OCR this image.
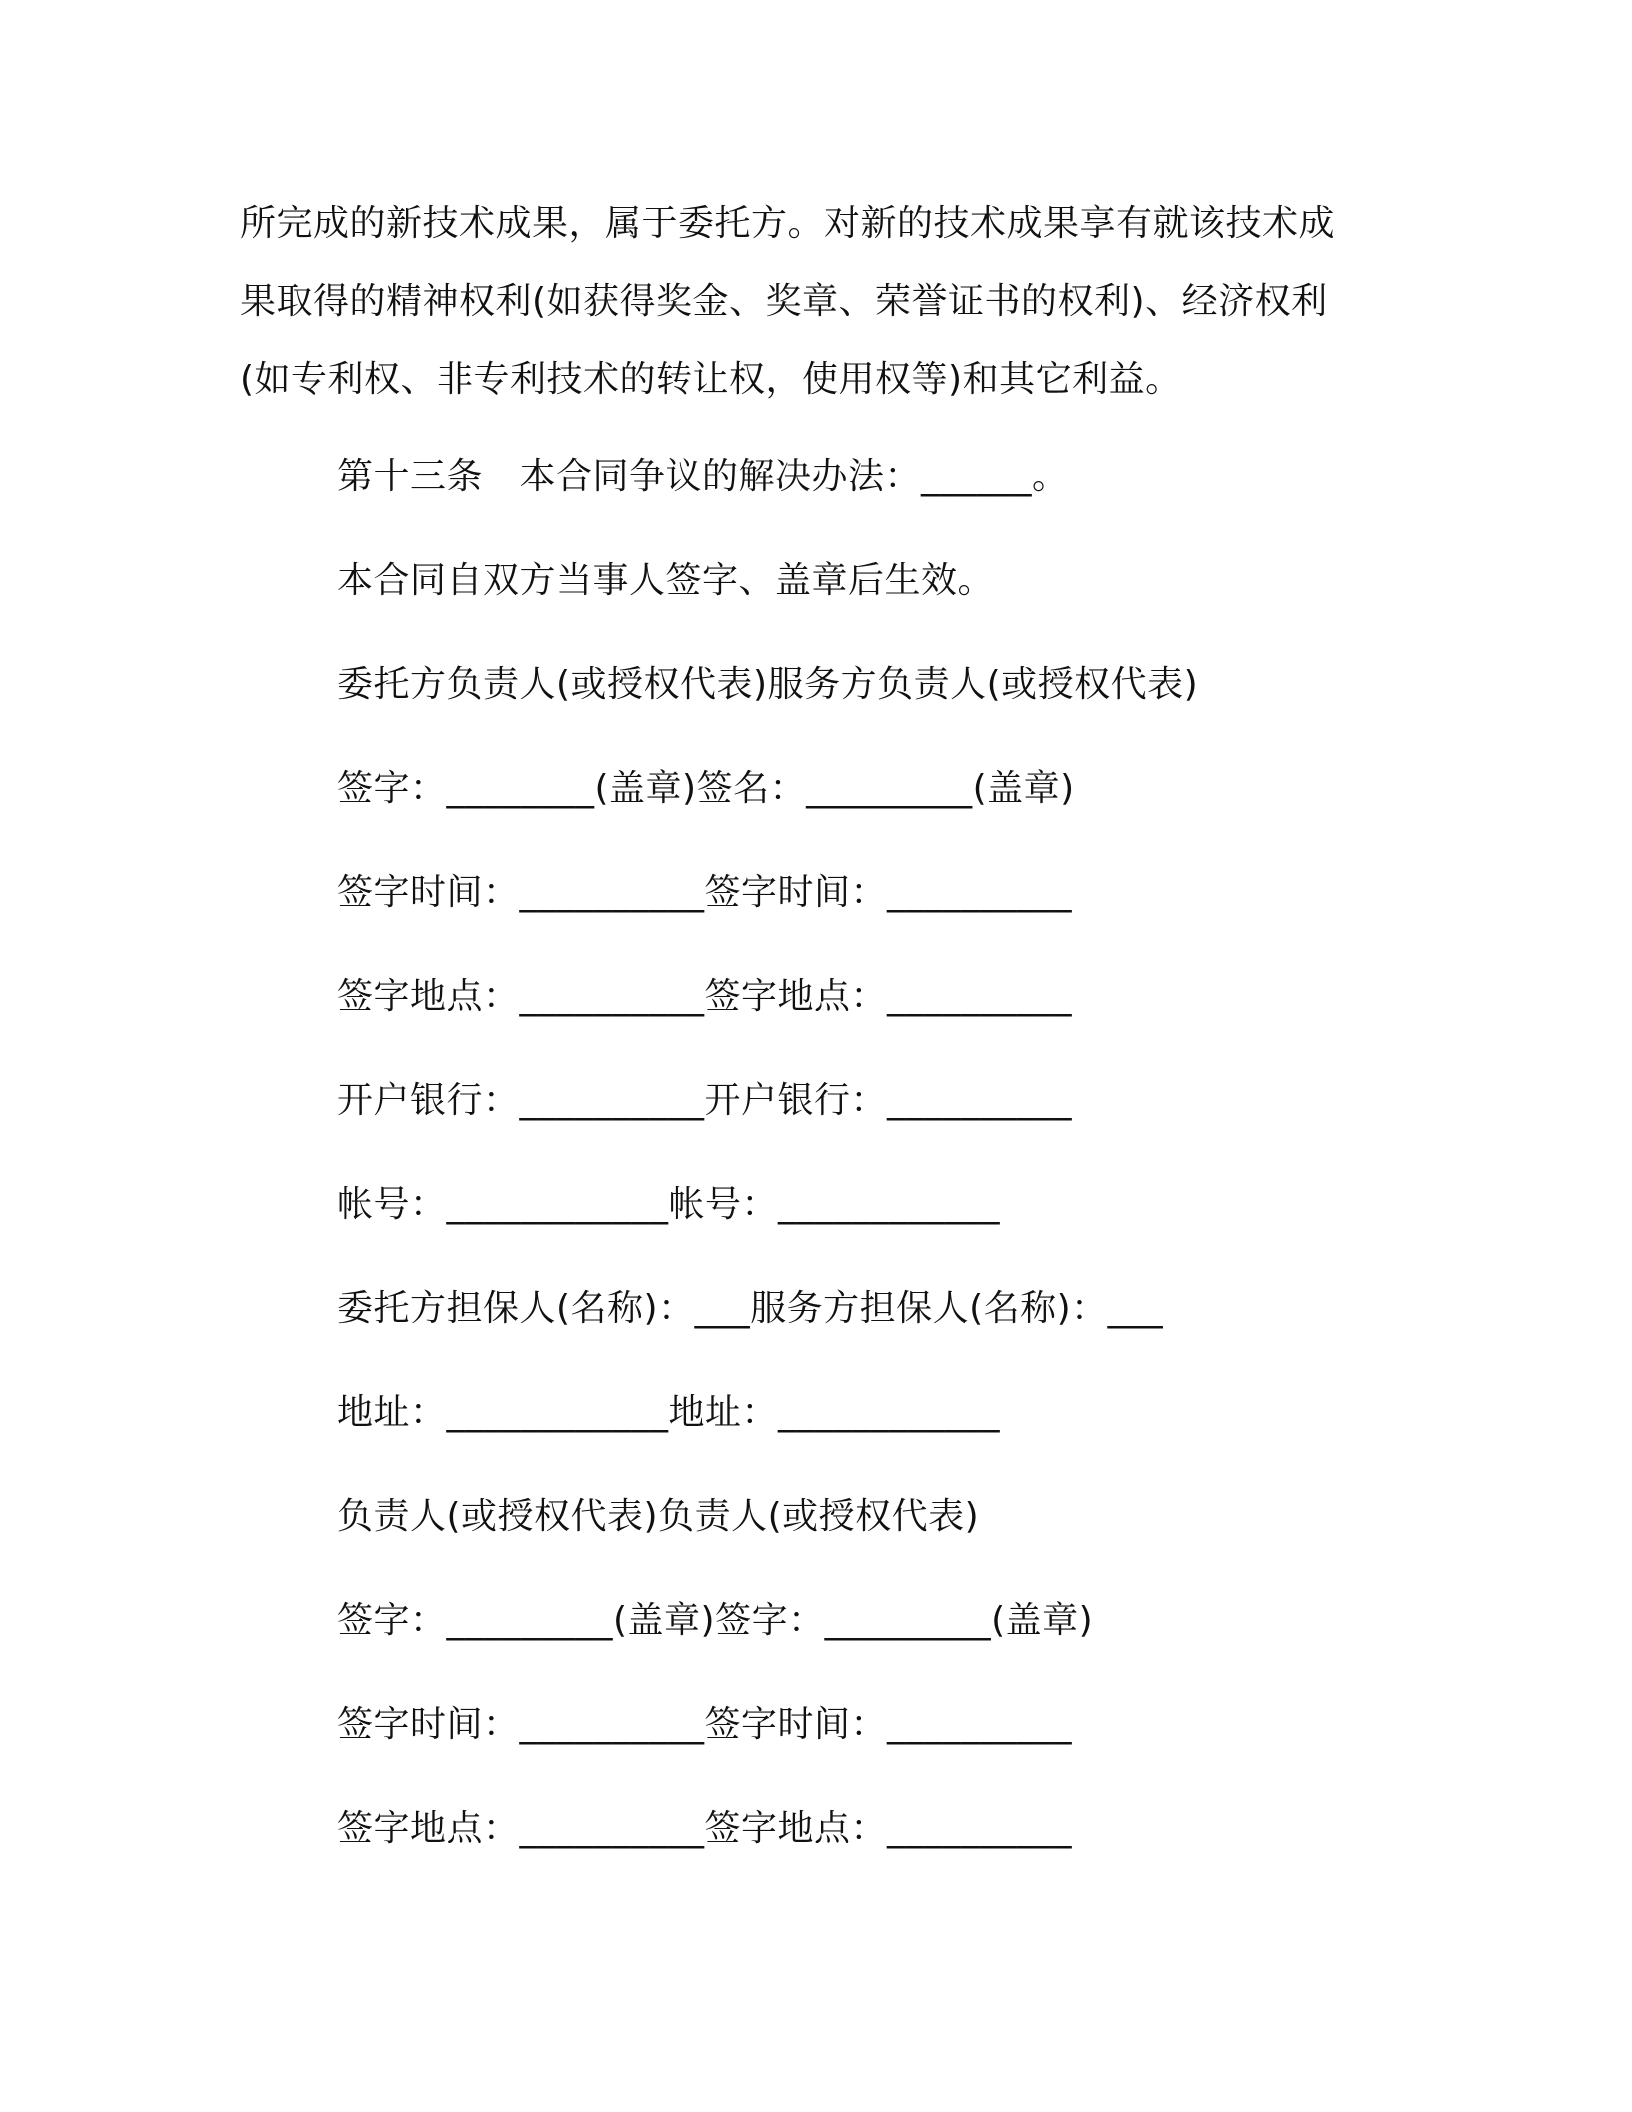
所完成的新技术成果，属于委托方。对新的技术成果享有就该技术成
果取得的精神权利(如获得奖金、奖章、荣誉证书的权利)、经济权利
(如专利权、非专利技术的转让权，使用权等)和其它利益。
第十三条　本合同争议的解决办法：______。
本合同自双方当事人签字、盖章后生效。
委托方负责人(或授权代表)服务方负责人(或授权代表)
签字：________(盖章)签名：_________(盖章)
签字时间：__________签字时间：__________
签字地点：__________签字地点：__________
开户银行：__________开户银行：__________
帐号：____________帐号：____________
委托方担保人(名称)：___服务方担保人(名称)：___
地址：____________地址：____________
负责人(或授权代表)负责人(或授权代表)
签字：_________(盖章)签字：_________(盖章)
签字时间：__________签字时间：__________
签字地点：__________签字地点：__________
